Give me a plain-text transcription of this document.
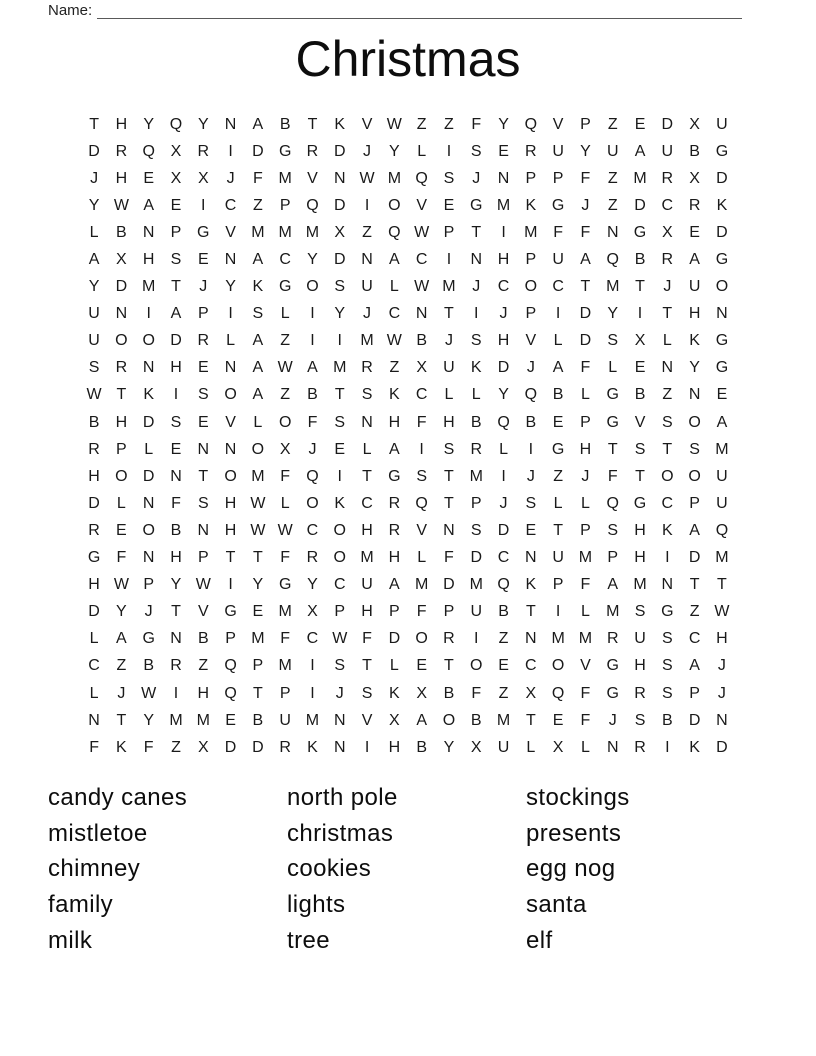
Name:
Christmas
T	H	Y Q Y	N	A	B	T	K	V W Z	Z	F	Y Q V	P	Z	E	D	X	U
D R Q X	R	I	D G R D	J	Y	L	I	S	E	R U	Y	U	A	U	B G
J	H	E	X	X	J	F M V	N W M Q S	J	N	P	P	F	Z M R	X	D
Y W A	E	I	C	Z	P Q D	I	O V	E G M K G	J	Z	D C R	K
L	B	N	P G V M M M X	Z	Q W P	T	I	M F	F	N G X	E	D
A	X	H	S	E	N	A	C	Y	D N	A	C	I	N H	P	U	A Q B	R	A G
Y	D M T	J	Y	K G O S	U	L W M	J	C O C	T M T	J	U O
U N	I	A	P	I	S	L	I	Y	J	C N	T	I	J	P	I	D	Y	I	T	H N
U O O D R	L	A	Z	I	I	M W B	J	S	H	V	L	D	S	X	L	K G
S	R N H	E	N	A W A M R	Z	X	U	K	D	J	A	F	L	E	N	Y G
W T	K	I	S O A	Z	B	T	S	K	C	L	L	Y Q B	L	G B	Z	N	E
B	H D	S	E	V	L	O	F	S	N H	F	H	B Q B	E	P G V	S O A
R	P	L	E	N N O X	J	E	L	A	I	S	R	L	I	G H	T	S	T	S M
H O D N	T	O M F	Q	I	T	G S	T M	I	J	Z	J	F	T	O O U
D	L	N	F	S	H W L	O K	C R Q	T	P	J	S	L	L	Q G C	P	U
R	E O B	N H W W C O H R	V	N	S	D	E	T	P	S	H	K	A Q
G	F	N H	P	T	T	F	R O M H	L	F	D C N U M P	H	I	D M
H W P	Y W	I	Y G Y	C U	A M D M Q K	P	F	A M N	T	T
D	Y	J	T	V G E M X	P	H	P	F	P	U	B	T	I	L	M S G	Z W
L	A G N	B	P M F	C W F	D O R	I	Z	N M M R U	S	C H
C	Z	B	R	Z	Q P M	I	S	T	L	E	T	O E	C O V G H	S	A	J
L	J W	I	H Q	T	P	I	J	S	K	X	B	F	Z	X Q	F	G R	S	P	J
N	T	Y M M E	B	U M N	V	X	A O B M T	E	F	J	S	B	D N
F	K	F	Z	X	D D R	K	N	I	H	B	Y	X	U	L	X	L	N R	I	K	D
candy canes
mistletoe
chimney
family
milk
north pole
christmas
cookies
lights
tree
stockings
presents
egg nog
santa
elf
